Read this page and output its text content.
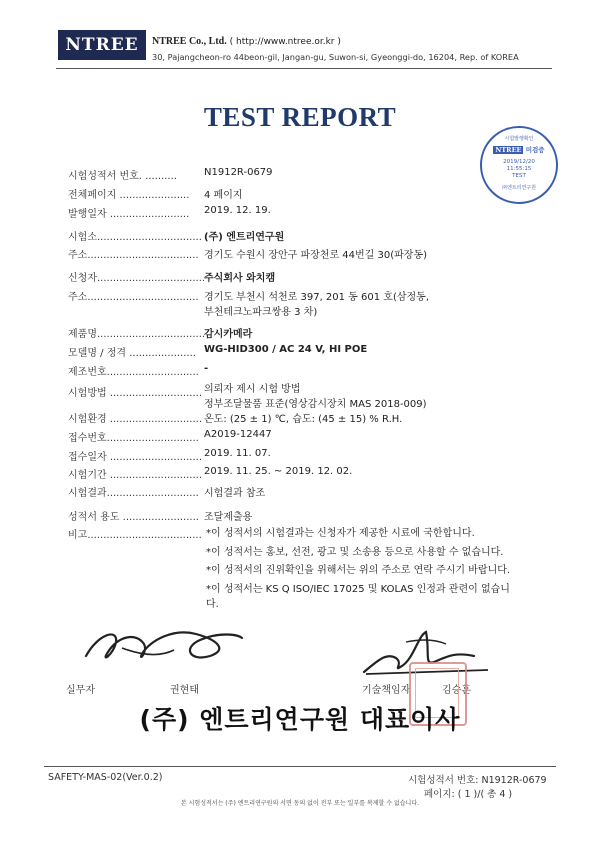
NTREE	NTREE Co., Ltd. ( http://www.ntree.or.kr )
30, Pajangcheon-ro 44beon-gil, Jangan-gu, Suwon-si, Gyeonggi-do, 16204, Rep. of KOREA
TEST REPORT
시험발행확인
NTREE 미검증
2019/12/20
11:55:15
TEST
㈜엔트리연구원
시험성적서 번호. ..........	N1912R-0679
전체페이지 ...................... 4 페이지
발행일자 ......................... 2019. 12. 19.
시험소................................. (주) 엔트리연구원
주소................................... 경기도 수원시 장안구 파장천로 44번길 30(파장동)
신청자..................................
주식회사 와치캠
주소................................... 경기도 부천시 석천로 397, 201 동 601 호(삼정동,
부천테크노파크쌍용 3 차)
제품명..................................
감시카메라
모델명 / 정격 ..................... WG-HID300 / AC 24 V, HI POE
제조번호............................. -
시험방법 ............................. 의뢰자 제시 시험 방법
정부조달물품 표준(영상감시장치 MAS 2018-009)
시험환경 ............................. 온도: (25 ± 1) ℃, 습도: (45 ± 15) % R.H.
접수번호............................. A2019-12447
접수일자 ............................. 2019. 11. 07.
시험기간 ............................. 2019. 11. 25. ~ 2019. 12. 02.
시험결과............................. 시험결과 참조
성적서 용도 ........................ 조달제출용
비고.................................... *이 성적서의 시험결과는 신청자가 제공한 시료에 국한합니다.
*이 성적서는 홍보, 선전, 광고 및 소송용 등으로 사용할 수 없습니다.
*이 성적서의 진위확인을 위해서는 위의 주소로 연락 주시기 바랍니다.
*이 성적서는 KS Q ISO/IEC 17025 및 KOLAS 인정과 관련이 없습니
다.
실무자	권현태	기술책임자	김승훈
(주) 엔트리연구원 대표이사
SAFETY-MAS-02(Ver.0.2)	시험성적서 번호: N1912R-0679
페이지: ( 1 )/( 총 4 )
본 시험성적서는 (주) 엔트리연구원의 서면 동의 없이 전부 또는 일부를 복제할 수 없습니다.
